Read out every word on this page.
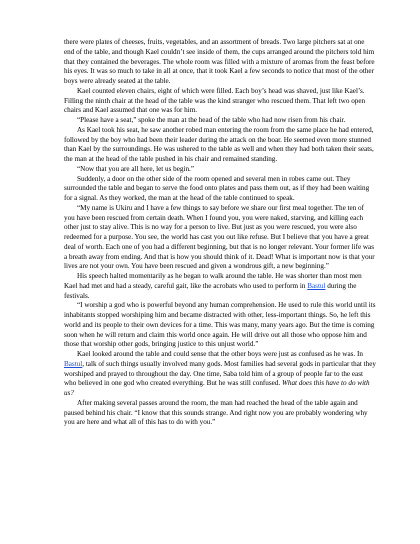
there were plates of cheeses, fruits, vegetables, and an assortment of breads. Two large pitchers sat at one end of the table, and though Kael couldn’t see inside of them, the cups arranged around the pitchers told him that they contained the beverages. The whole room was filled with a mixture of aromas from the feast before his eyes. It was so much to take in all at once, that it took Kael a few seconds to notice that most of the other boys were already seated at the table.

Kael counted eleven chairs, eight of which were filled. Each boy’s head was shaved, just like Kael’s. Filling the ninth chair at the head of the table was the kind stranger who rescued them. That left two open chairs and Kael assumed that one was for him.

“Please have a seat,” spoke the man at the head of the table who had now risen from his chair.

As Kael took his seat, he saw another robed man entering the room from the same place he had entered, followed by the boy who had been their leader during the attack on the boar. He seemed even more stunned than Kael by the surroundings. He was ushered to the table as well and when they had both taken their seats, the man at the head of the table pushed in his chair and remained standing.

“Now that you are all here, let us begin.”

Suddenly, a door on the other side of the room opened and several men in robes came out. They surrounded the table and began to serve the food onto plates and pass them out, as if they had been waiting for a signal. As they worked, the man at the head of the table continued to speak.

“My name is Ukiru and I have a few things to say before we share our first meal together. The ten of you have been rescued from certain death. When I found you, you were naked, starving, and killing each other just to stay alive. This is no way for a person to live. But just as you were rescued, you were also redeemed for a purpose. You see, the world has cast you out like refuse. But I believe that you have a great deal of worth. Each one of you had a different beginning, but that is no longer relevant. Your former life was a breath away from ending. And that is how you should think of it. Dead! What is important now is that your lives are not your own. You have been rescued and given a wondrous gift, a new beginning.”

His speech halted momentarily as he began to walk around the table. He was shorter than most men Kael had met and had a steady, careful gait, like the acrobats who used to perform in Bastul during the festivals.

“I worship a god who is powerful beyond any human comprehension. He used to rule this world until its inhabitants stopped worshiping him and became distracted with other, less-important things. So, he left this world and its people to their own devices for a time. This was many, many years ago. But the time is coming soon when he will return and claim this world once again. He will drive out all those who oppose him and those that worship other gods, bringing justice to this unjust world.”

Kael looked around the table and could sense that the other boys were just as confused as he was. In Bastul, talk of such things usually involved many gods. Most families had several gods in particular that they worshiped and prayed to throughout the day. One time, Saba told him of a group of people far to the east who believed in one god who created everything. But he was still confused. What does this have to do with us?

After making several passes around the room, the man had reached the head of the table again and paused behind his chair. “I know that this sounds strange. And right now you are probably wondering why you are here and what all of this has to do with you.”
